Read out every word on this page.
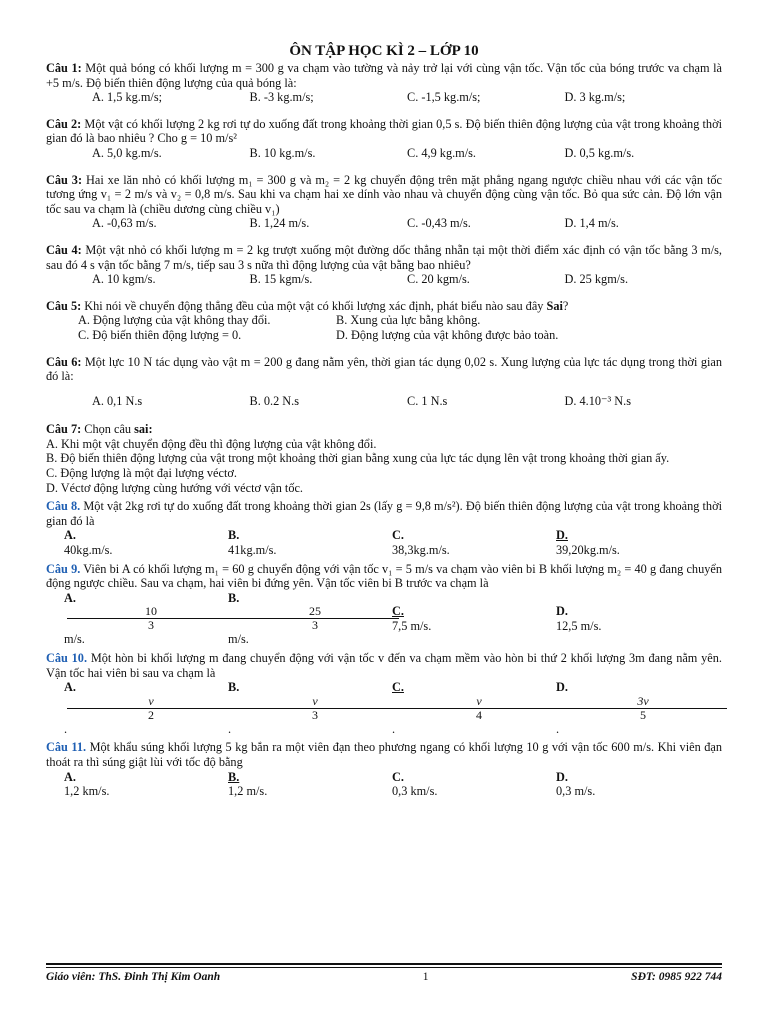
ÔN TẬP HỌC KÌ 2 – LỚP 10

Câu 1: Một quả bóng có khối lượng m = 300 g va chạm vào tường và nảy trở lại với cùng vận tốc. Vận tốc của bóng trước va chạm là +5 m/s. Độ biến thiên động lượng của quả bóng là:

A. 1,5 kg.m/s;	B. -3 kg.m/s;	C. -1,5 kg.m/s;	D. 3 kg.m/s;

Câu 2: Một vật có khối lượng 2 kg rơi tự do xuống đất trong khoảng thời gian 0,5 s. Độ biến thiên động lượng của vật trong khoảng thời gian đó là bao nhiêu ? Cho g = 10 m/s²

A. 5,0 kg.m/s.	B. 10 kg.m/s.	C. 4,9 kg.m/s.	D. 0,5 kg.m/s.

Câu 3: Hai xe lăn nhỏ có khối lượng m₁ = 300 g và m₂ = 2 kg chuyển động trên mặt phẳng ngang ngược chiều nhau với các vận tốc tương ứng v₁ = 2 m/s và v₂ = 0,8 m/s. Sau khi va chạm hai xe dính vào nhau và chuyển động cùng vận tốc. Bỏ qua sức cản. Độ lớn vận tốc sau va chạm là (chiều dương cùng chiều v₁)

A. -0,63 m/s.	B. 1,24 m/s.	C. -0,43 m/s.	D. 1,4 m/s.

Câu 4: Một vật nhỏ có khối lượng m = 2 kg trượt xuống một đường dốc thẳng nhẵn tại một thời điểm xác định có vận tốc bằng 3 m/s, sau đó 4 s vận tốc bằng 7 m/s, tiếp sau 3 s nữa thì động lượng của vật bằng bao nhiêu?

A. 10 kgm/s.	B. 15 kgm/s.	C. 20 kgm/s.	D. 25 kgm/s.

Câu 5: Khi nói về chuyển động thẳng đều của một vật có khối lượng xác định, phát biểu nào sau đây Sai?

A. Động lượng của vật không thay đổi.	B. Xung của lực bằng không.
C. Độ biến thiên động lượng = 0.	D. Động lượng của vật không được bảo toàn.

Câu 6: Một lực 10 N tác dụng vào vật m = 200 g đang nằm yên, thời gian tác dụng 0,02 s. Xung lượng của lực tác dụng trong thời gian đó là:

A. 0,1 N.s	B. 0.2 N.s	C. 1 N.s	D. 4.10⁻³ N.s

Câu 7: Chọn câu sai:

A. Khi một vật chuyển động đều thì động lượng của vật không đổi.

B. Độ biến thiên động lượng của vật trong một khoảng thời gian bằng xung của lực tác dụng lên vật trong khoảng thời gian ấy.

C. Động lượng là một đại lượng véctơ.

D. Véctơ động lượng cùng hướng với véctơ vận tốc.

Câu 8. Một vật 2kg rơi tự do xuống đất trong khoảng thời gian 2s (lấy g = 9,8 m/s²). Độ biến thiên động lượng của vật trong khoảng thời gian đó là

A.40kg.m/s.
B.41kg.m/s.
C.38,3kg.m/s.
D.39,20kg.m/s.

Câu 9. Viên bi A có khối lượng m₁ = 60 g chuyển động với vận tốc v₁ = 5 m/s va chạm vào viên bi B khối lượng m₂ = 40 g đang chuyển động ngược chiều. Sau va chạm, hai viên bi đứng yên. Vận tốc viên bi B trước va chạm là

A.
$\frac{10}{3}$
m/s.
B.
$\frac{25}{3}$
m/s.
C.7,5 m/s.
D.12,5 m/s.

Câu 10. Một hòn bi khối lượng m đang chuyển động với vận tốc v đến va chạm mềm vào hòn bi thứ 2 khối lượng 3m đang nằm yên. Vận tốc hai viên bi sau va chạm là

A.
$\frac{v}{2}$
.
B.
$\frac{v}{3}$
.
C.
$\frac{v}{4}$
.
D.
$\frac{3v}{5}$
.

Câu 11. Một khẩu súng khối lượng 5 kg bắn ra một viên đạn theo phương ngang có khối lượng 10 g với vận tốc 600 m/s. Khi viên đạn thoát ra thì súng giật lùi với tốc độ bằng

A.1,2 km/s.
B.1,2 m/s.
C.0,3 km/s.
D.0,3 m/s.
Giáo viên: ThS. Đinh Thị Kim Oanh	1	SĐT: 0985 922 744
